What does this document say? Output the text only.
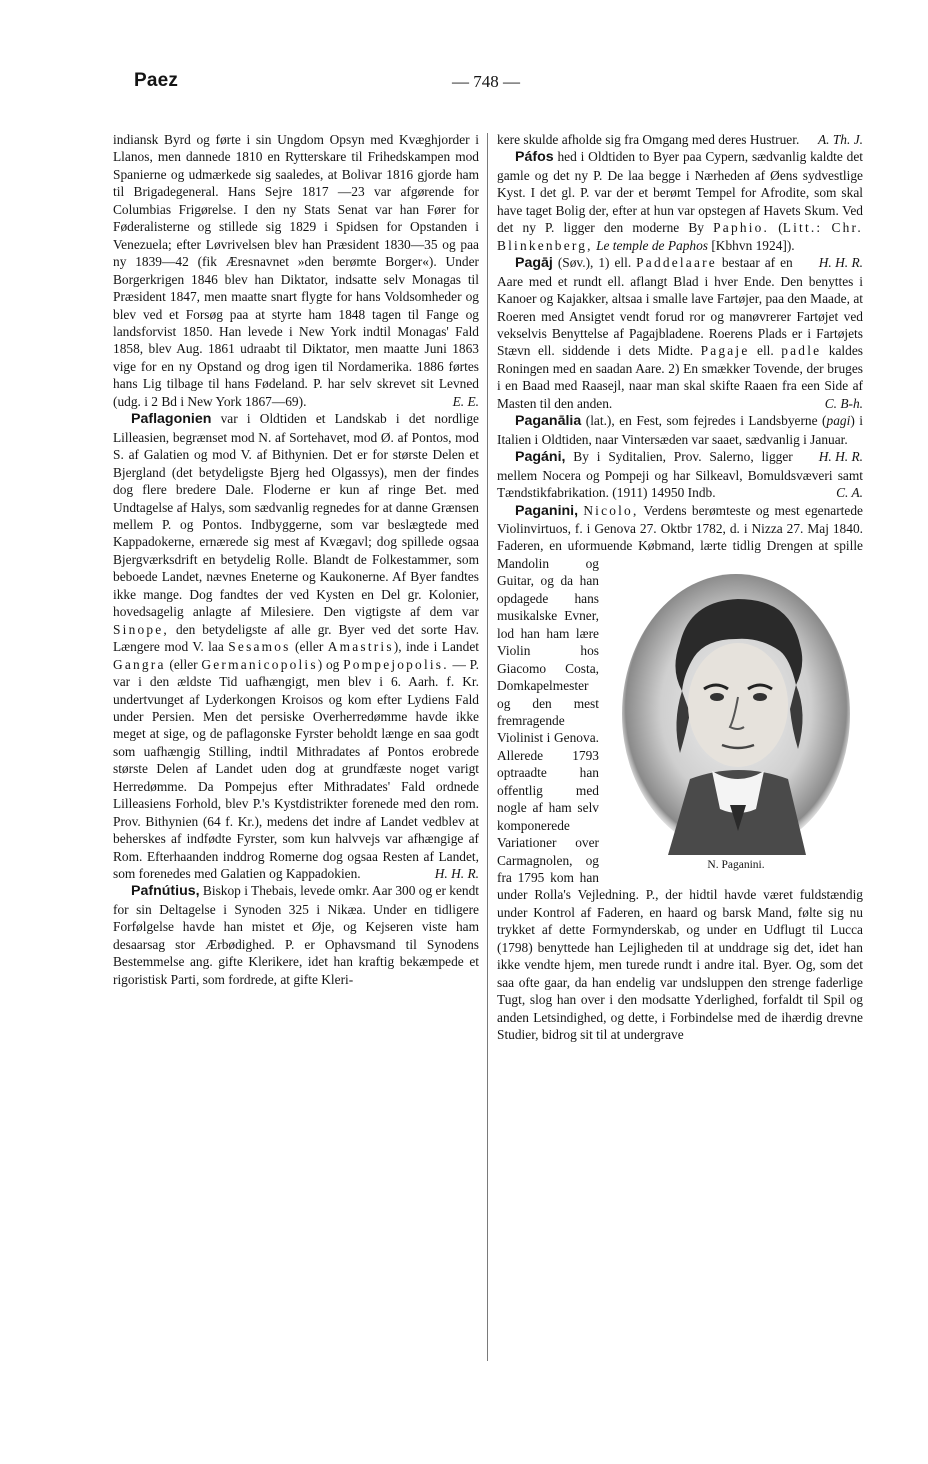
Paez	— 748 —

indiansk Byrd og førte i sin Ungdom Opsyn med Kvæghjorder i Llanos, men dannede 1810 en Rytterskare til Frihedskampen mod Spanierne og udmærkede sig saaledes, at Bolivar 1816 gjorde ham til Brigadegeneral. Hans Sejre 1817 —23 var afgørende for Columbias Frigørelse. I den ny Stats Senat var han Fører for Føderalisterne og stillede sig 1829 i Spidsen for Opstanden i Venezuela; efter Løvrivelsen blev han Præsident 1830—35 og paa ny 1839—42 (fik Æresnavnet »den berømte Borger«). Under Borgerkrigen 1846 blev han Diktator, indsatte selv Monagas til Præsident 1847, men maatte snart flygte for hans Voldsomheder og blev ved et Forsøg paa at styrte ham 1848 tagen til Fange og landsforvist 1850. Han levede i New York indtil Monagas' Fald 1858, blev Aug. 1861 udraabt til Diktator, men maatte Juni 1863 vige for en ny Opstand og drog igen til Nordamerika. 1886 førtes hans Lig tilbage til hans Fødeland. P. har selv skrevet sit Levned (udg. i 2 Bd i New York 1867—69).	E. E.

Paflagonien var i Oldtiden et Landskab i det nordlige Lilleasien, begrænset mod N. af Sortehavet, mod Ø. af Pontos, mod S. af Galatien og mod V. af Bithynien. Det er for største Delen et Bjergland (det betydeligste Bjerg hed Olgassys), men der findes dog flere bredere Dale. Floderne er kun af ringe Bet. med Undtagelse af Halys, som sædvanlig regnedes for at danne Grænsen mellem P. og Pontos. Indbyggerne, som var beslægtede med Kappadokerne, ernærede sig mest af Kvægavl; dog spillede ogsaa Bjergværksdrift en betydelig Rolle. Blandt de Folkestammer, som beboede Landet, nævnes Eneterne og Kaukonerne. Af Byer fandtes ikke mange. Dog fandtes der ved Kysten en Del gr. Kolonier, hovedsagelig anlagte af Milesiere. Den vigtigste af dem var Sinope, den betydeligste af alle gr. Byer ved det sorte Hav. Længere mod V. laa Sesamos (eller Amastris), inde i Landet Gangra (eller Germanicopolis) og Pompejopolis. — P. var i den ældste Tid uafhængigt, men blev i 6. Aarh. f. Kr. undertvunget af Lyderkongen Kroisos og kom efter Lydiens Fald under Persien. Men det persiske Overherredømme havde ikke meget at sige, og de paflagonske Fyrster beholdt længe en saa godt som uafhængig Stilling, indtil Mithradates af Pontos erobrede største Delen af Landet uden dog at grundfæste noget varigt Herredømme. Da Pompejus efter Mithradates' Fald ordnede Lilleasiens Forhold, blev P.'s Kystdistrikter forenede med den rom. Prov. Bithynien (64 f. Kr.), medens det indre af Landet vedblev at beherskes af indfødte Fyrster, som kun halvvejs var afhængige af Rom. Efterhaanden inddrog Romerne dog ogsaa Resten af Landet, som forenedes med Galatien og Kappadokien.	H. H. R.

Pafnútius, Biskop i Thebais, levede omkr. Aar 300 og er kendt for sin Deltagelse i Synoden 325 i Nikæa. Under en tidligere Forfølgelse havde han mistet et Øje, og Kejseren viste ham desaarsag stor Ærbødighed. P. er Ophavsmand til Synodens Bestemmelse ang. gifte Klerikere, idet han kraftig bekæmpede et rigoristisk Parti, som fordrede, at gifte Kleri-

kere skulde afholde sig fra Omgang med deres Hustruer.	A. Th. J.

Páfos hed i Oldtiden to Byer paa Cypern, sædvanlig kaldte det gamle og det ny P. De laa begge i Nærheden af Øens sydvestlige Kyst. I det gl. P. var der et berømt Tempel for Afrodite, som skal have taget Bolig der, efter at hun var opstegen af Havets Skum. Ved det ny P. ligger den moderne By Paphio. (Litt.: Chr. Blinkenberg, Le temple de Paphos [Kbhvn 1924]).
H. H. R.

Pagāj (Søv.), 1) ell. Paddelaare bestaar af en Aare med et rundt ell. aflangt Blad i hver Ende. Den benyttes i Kanoer og Kajakker, altsaa i smalle lave Fartøjer, paa den Maade, at Roeren med Ansigtet vendt forud ror og manøvrerer Fartøjet ved vekselvis Benyttelse af Pagajbladene. Roerens Plads er i Fartøjets Stævn ell. siddende i dets Midte. Pagaje ell. padle kaldes Roningen med en saadan Aare. 2) En smækker Tovende, der bruges i en Baad med Raasejl, naar man skal skifte Raaen fra een Side af Masten til den anden.	C. B-h.

Paganālia (lat.), en Fest, som fejredes i Landsbyerne (pagi) i Italien i Oldtiden, naar Vintersæden var saaet, sædvanlig i Januar.
H. H. R.

Pagáni, By i Syditalien, Prov. Salerno, ligger mellem Nocera og Pompeji og har Silkeavl, Bomuldsvæveri samt Tændstikfabrikation. (1911) 14950 Indb.	C. A.

Paganini, Nicolo, Verdens berømteste og mest egenartede Violinvirtuos, f. i Genova 27. Oktbr 1782, d. i Nizza 27. Maj 1840. Faderen, en uformuende Købmand, lærte tidlig Drengen
N. Paganini.
at spille Mandolin og Guitar, og da han opdagede hans musikalske Evner, lod han ham lære Violin hos Giacomo Costa, Domkapelmester og den mest fremragende Violinist i Genova. Allerede 1793 optraadte han offentlig med nogle af ham selv komponerede Variationer over Carmagnolen, og fra 1795 kom han under Rolla's Vejledning. P., der hidtil havde været fuldstændig under Kontrol af Faderen, en haard og barsk Mand, følte sig nu trykket af dette Formynderskab, og under en Udflugt til Lucca (1798) benyttede han Lejligheden til at unddrage sig det, idet han ikke vendte hjem, men turede rundt i andre ital. Byer. Og, som det saa ofte gaar, da han endelig var undsluppen den strenge faderlige Tugt, slog han over i den modsatte Yderlighed, forfaldt til Spil og anden Letsindighed, og dette, i Forbindelse med de ihærdig drevne Studier, bidrog sit til at undergrave
